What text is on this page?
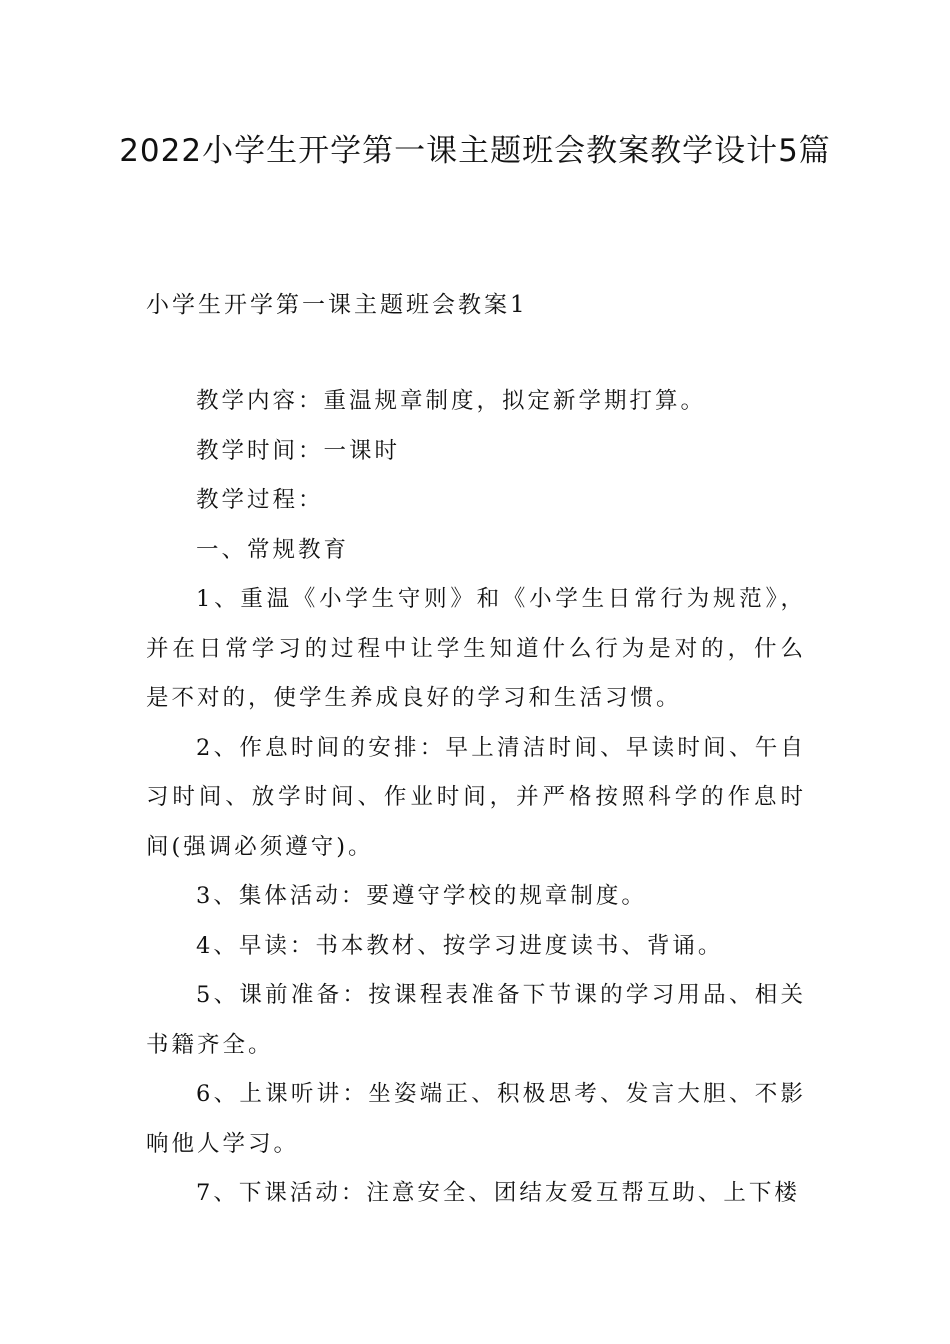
2022小学生开学第一课主题班会教案教学设计5篇
小学生开学第一课主题班会教案1

教学内容：重温规章制度，拟定新学期打算。

教学时间：一课时

教学过程：

一、常规教育

1、重温《小学生守则》和《小学生日常行为规范》，并在日常学习的过程中让学生知道什么行为是对的，什么是不对的，使学生养成良好的学习和生活习惯。

2、作息时间的安排：早上清洁时间、早读时间、午自习时间、放学时间、作业时间，并严格按照科学的作息时间(强调必须遵守)。

3、集体活动：要遵守学校的规章制度。

4、早读：书本教材、按学习进度读书、背诵。

5、课前准备：按课程表准备下节课的学习用品、相关书籍齐全。

6、上课听讲：坐姿端正、积极思考、发言大胆、不影响他人学习。

7、下课活动：注意安全、团结友爱互帮互助、上下楼
